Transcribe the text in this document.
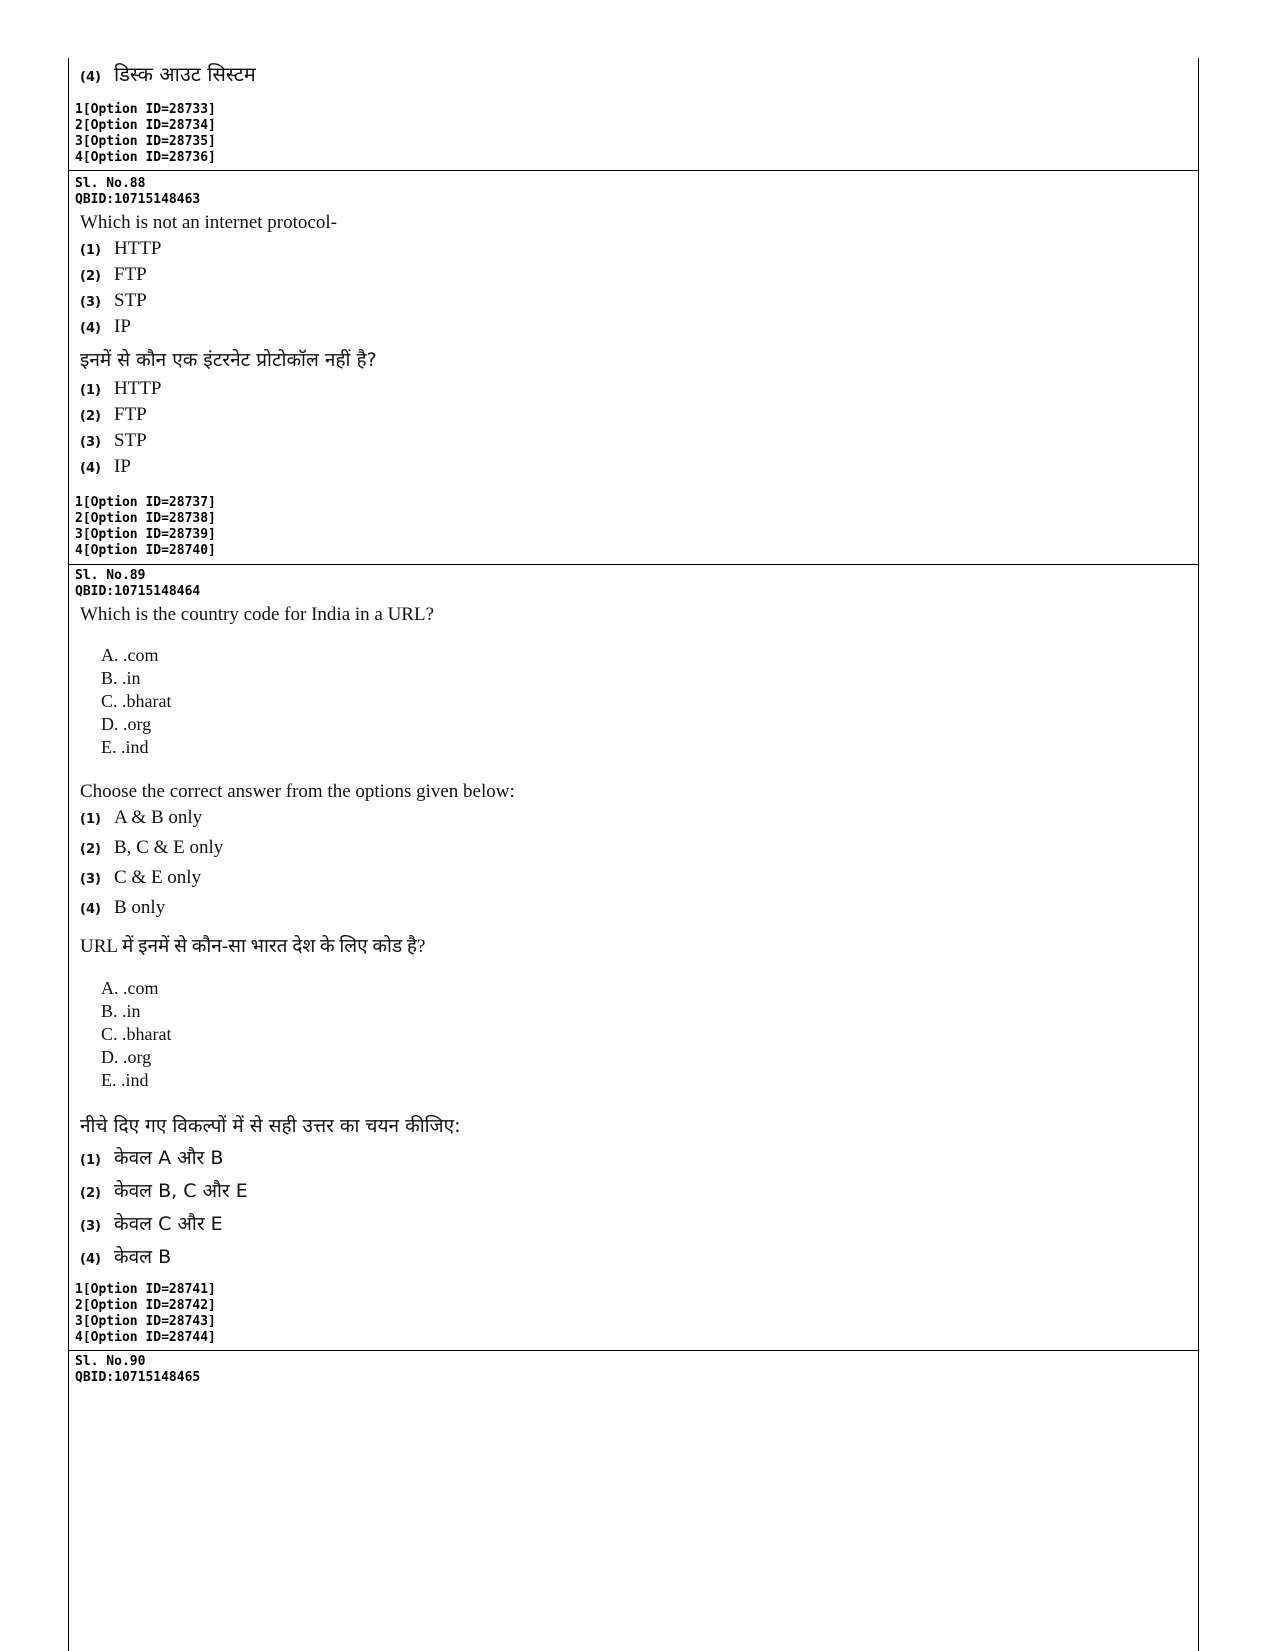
(4) डिस्क आउट सिस्टम
1[Option ID=28733]
2[Option ID=28734]
3[Option ID=28735]
4[Option ID=28736]
Sl. No.88
QBID:10715148463
Which is not an internet protocol-
(1) HTTP
(2) FTP
(3) STP
(4) IP
इनमें से कौन एक इंटरनेट प्रोटोकॉल नहीं है?
(1) HTTP
(2) FTP
(3) STP
(4) IP
1[Option ID=28737]
2[Option ID=28738]
3[Option ID=28739]
4[Option ID=28740]
Sl. No.89
QBID:10715148464
Which is the country code for India in a URL?
A. .com
B. .in
C. .bharat
D. .org
E. .ind
Choose the correct answer from the options given below:
(1) A & B only
(2) B, C & E only
(3) C & E only
(4) B only
URL में इनमें से कौन-सा भारत देश के लिए कोड है?
A. .com
B. .in
C. .bharat
D. .org
E. .ind
नीचे दिए गए विकल्पों में से सही उत्तर का चयन कीजिए:
(1) केवल A और B
(2) केवल B, C और E
(3) केवल C और E
(4) केवल B
1[Option ID=28741]
2[Option ID=28742]
3[Option ID=28743]
4[Option ID=28744]
Sl. No.90
QBID:10715148465
